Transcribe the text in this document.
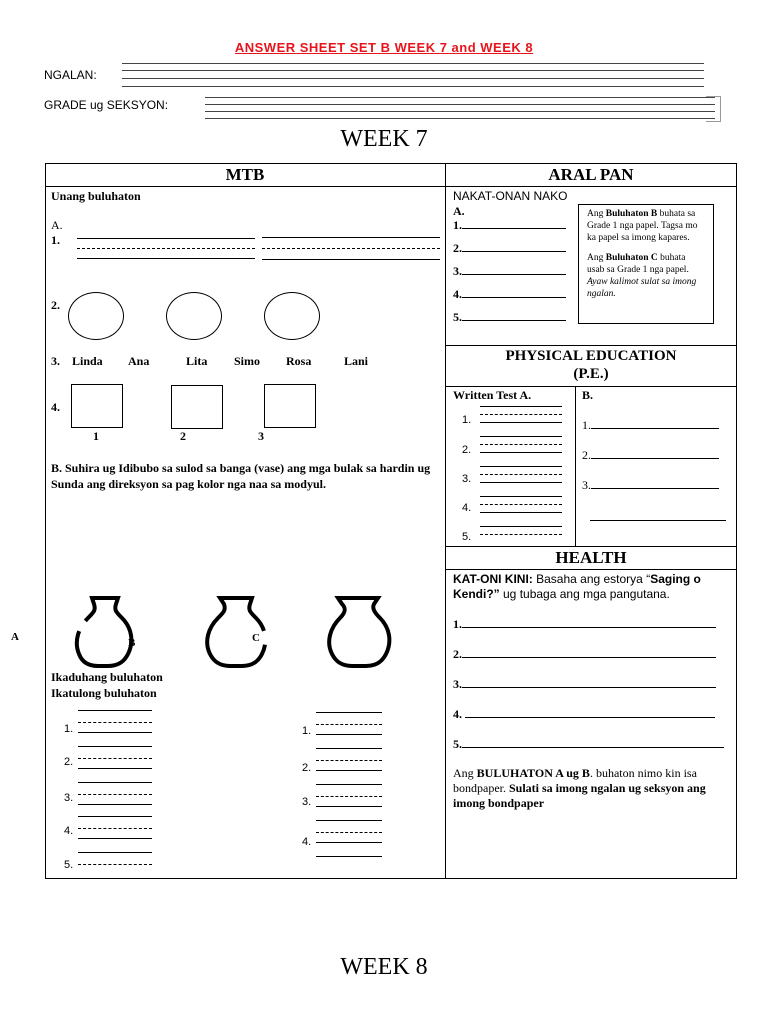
ANSWER SHEET SET B WEEK 7 and WEEK 8
NGALAN:
GRADE ug SEKSYON:
WEEK 7
MTB
Unang buluhaton
A.
1.
2.
3. Linda Ana	Lita Simo Rosa	Lani
4.
1	2	3
B. Suhira ug Idibubo sa sulod sa banga (vase) ang mga bulak sa hardin ug Sunda ang direksyon sa pag kolor nga naa sa modyul.
A	B	C
Ikaduhang buluhaton
Ikatulong buluhaton
1.
2.
3.
4.
5.
1.
2.
3.
4.
ARAL PAN
NAKAT-ONAN NAKO
A.
1.
2.
3.
4.
5.
Ang Buluhaton B buhata sa Grade 1 nga papel. Tagsa mo ka papel sa imong kapares.
Ang Buluhaton C buhata usab sa Grade 1 nga papel. Ayaw kalimot sulat sa imong ngalan.
PHYSICAL EDUCATION
(P.E.)
Written Test A.
1.
2.
3.
4.
5.
B.
1.
2.
3.
HEALTH
KAT-ONI KINI: Basaha ang estorya “Saging o Kendi?” ug tubaga ang mga pangutana.
1.
2.
3.
4.
5.
Ang BULUHATON A ug B. buhaton nimo kin isa bondpaper. Sulati sa imong ngalan ug seksyon ang imong bondpaper
WEEK 8
